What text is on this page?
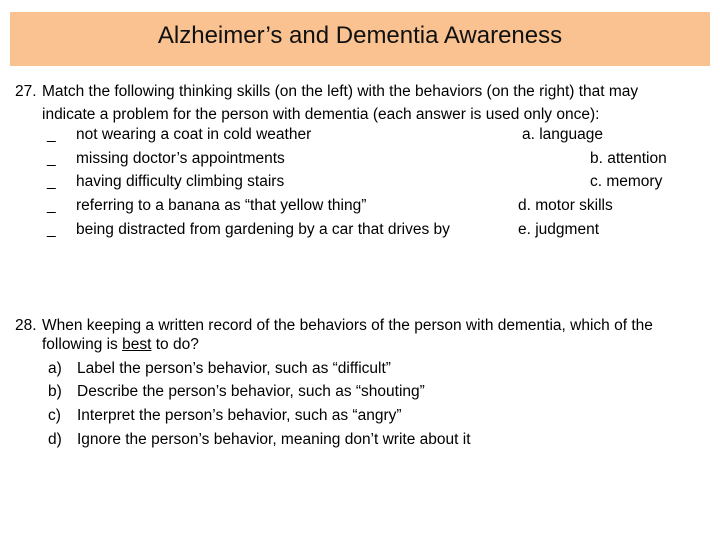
Alzheimer’s and Dementia Awareness
27. Match the following thinking skills (on the left) with the behaviors (on the right) that may
indicate a problem for the person with dementia (each answer is used only once):
_ not wearing a coat in cold weather	a. language
_ missing doctor’s appointments	b. attention
_ having difficulty climbing stairs	c. memory
_ referring to a banana as “that yellow thing”	d. motor skills
_ being distracted from gardening by a car that drives by	e. judgment
28. When keeping a written record of the behaviors of the person with dementia, which of the
following is best to do?
a) Label the person’s behavior, such as “difficult”
b) Describe the person’s behavior, such as “shouting”
c) Interpret the person’s behavior, such as “angry”
d) Ignore the person’s behavior, meaning don’t write about it
